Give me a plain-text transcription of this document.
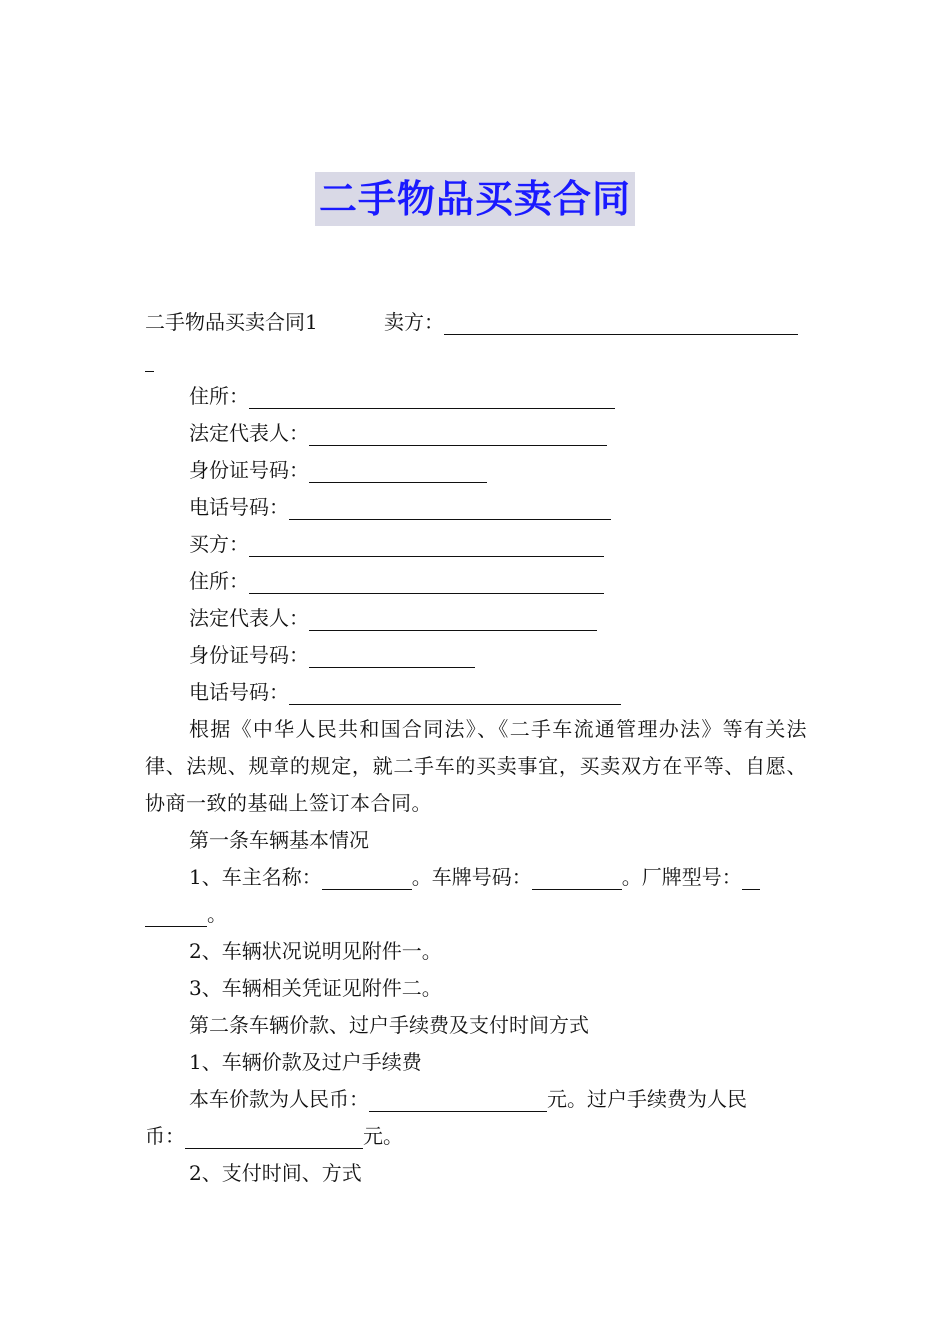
二手物品买卖合同
二手物品买卖合同1	卖方：
住所：
法定代表人：
身份证号码：
电话号码：
买方：
住所：
法定代表人：
身份证号码：
电话号码：
根据《中华人民共和国合同法》、《二手车流通管理办法》等有关法律、法规、规章的规定，就二手车的买卖事宜，买卖双方在平等、自愿、协商一致的基础上签订本合同。
第一条车辆基本情况
1、车主名称：	。车牌号码：	。厂牌型号：
。
2、车辆状况说明见附件一。
3、车辆相关凭证见附件二。
第二条车辆价款、过户手续费及支付时间方式
1、车辆价款及过户手续费
本车价款为人民币：	元。过户手续费为人民
币：	元。
2、支付时间、方式
